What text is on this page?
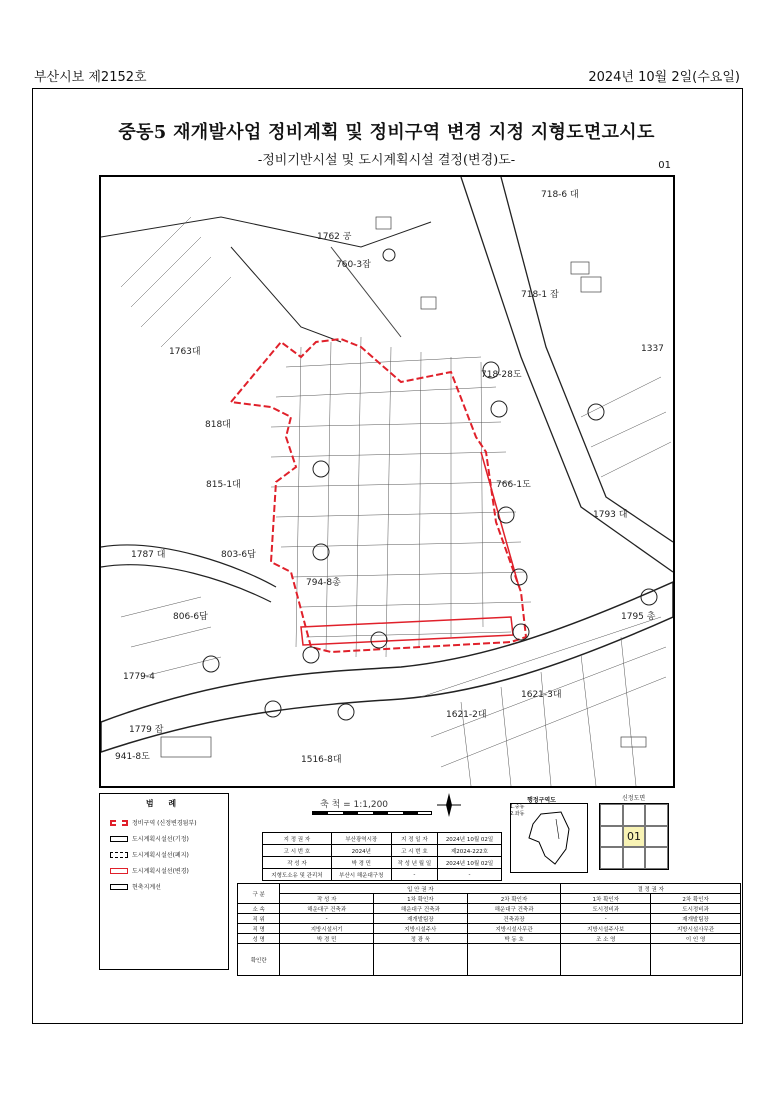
부산시보 제2152호	2024년 10월 2일(수요일)
중동5 재개발사업 정비계획 및 정비구역 변경 지정 지형도면고시도
-정비기반시설 및 도시계획시설 결정(변경)도-	01
1762 공
718-6 대
1763대	1337
1793 대
1787 대	803-6답
815-1대
794-8총
718-1 잡
1516-8대
1779 잡
1795 총
718-28도
766-1도
760-3잡
818대
806-6답
1621-2대
1621-3대
941-8도
1779-4
범 례
정비구역 (신정변경됨부)
도시계획시설선(기정)
도시계획시설선(폐지)
도시계획시설선(변경)
현축지계선
축 척 = 1:1,200	행정구역도
1.중동
2.좌동
신정도면
01
지 정 권 자	부산광역시장	지 정 일 자	2024년 10월 02일
고 시 번 호	2024년	고 시 번 호	제2024-222호
작 성 자	박 경 민	작 성 년 월 일	2024년 10월 02일
지형도소유 및 관리처	부산시 해운대구청	-	-
구 분	입 안 권 자			결 정 권 자	
	작 성 자	1차 확인자	2차 확인자	1차 확인자	2차 확인자
소 속	해운대구 건축과	해운대구 건축과	해운대구 건축과	도시정비과	도시정비과
직 위	-	재개발팀장	건축과장	-	재개발팀장
직 명	지방시설서기	지방시설주사	지방시설사무관	지방시설주사보	지방시설사무관
성 명	박 경 민	정 광 욱	박 동 호	조 소 영	이 인 영
확인란					
